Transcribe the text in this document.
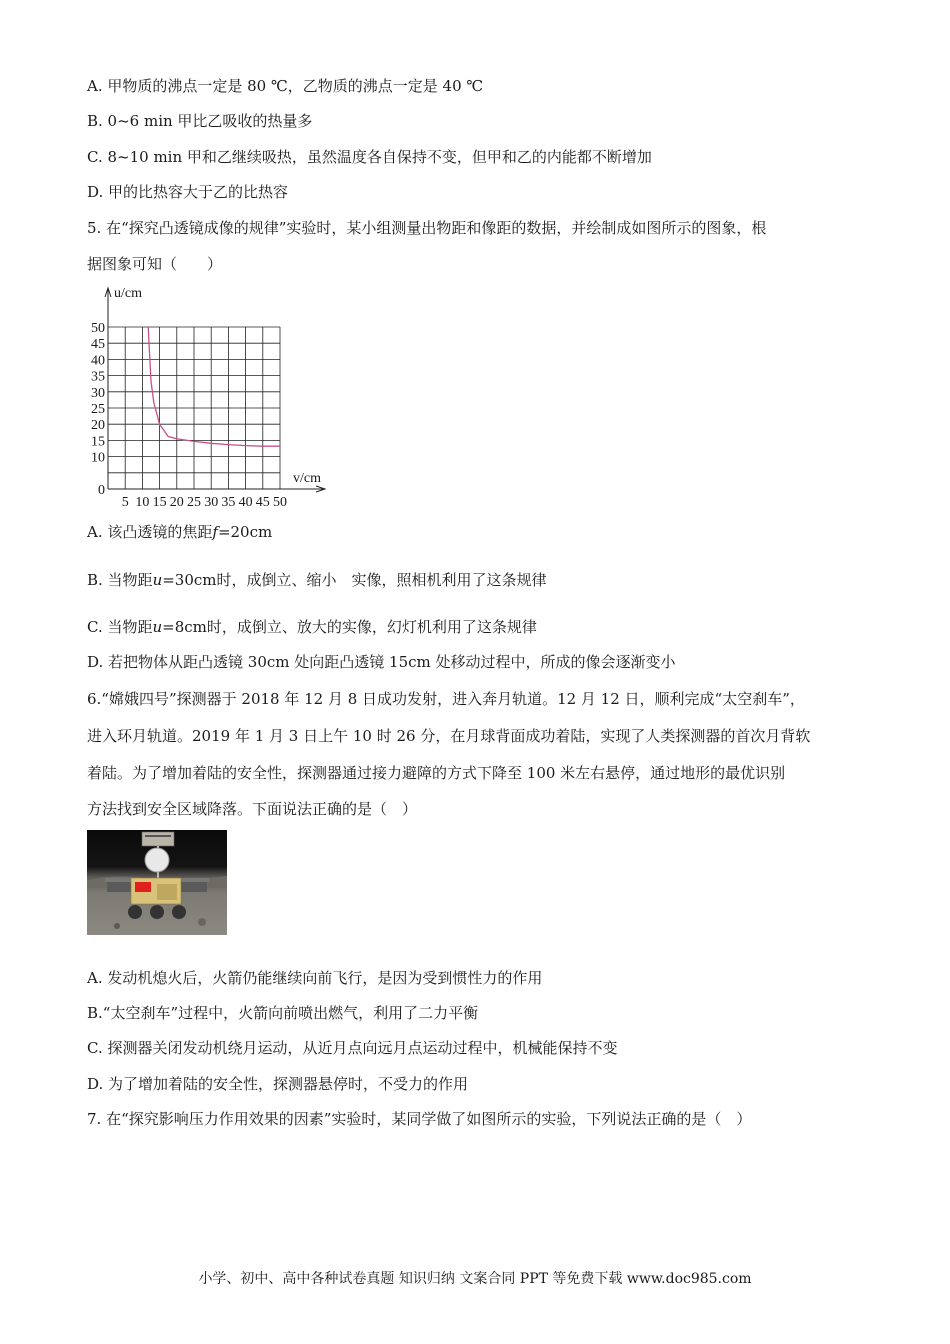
A. 甲物质的沸点一定是 80 ℃，乙物质的沸点一定是 40 ℃
B. 0~6 min 甲比乙吸收的热量多
C. 8~10 min 甲和乙继续吸热，虽然温度各自保持不变，但甲和乙的内能都不断增加
D. 甲的比热容大于乙的比热容
5. 在“探究凸透镜成像的规律”实验时，某小组测量出物距和像距的数据，并绘制成如图所示的图象，根
据图象可知（　　）
0
10
15
20
25
30
35
40
45
50
5 10 15 20 25 30 35 40 45 50
u/cm
v/cm
A. 该凸透镜的焦距f=20cm
B. 当物距u=30cm时，成倒立、缩小　实像，照相机利用了这条规律
C. 当物距u=8cm时，成倒立、放大的实像，幻灯机利用了这条规律
D. 若把物体从距凸透镜 30cm 处向距凸透镜 15cm 处移动过程中，所成的像会逐渐变小
6.“嫦娥四号”探测器于 2018 年 12 月 8 日成功发射，进入奔月轨道。12 月 12 日，顺利完成“太空刹车”，
进入环月轨道。2019 年 1 月 3 日上午 10 时 26 分，在月球背面成功着陆，实现了人类探测器的首次月背软
着陆。为了增加着陆的安全性，探测器通过接力避障的方式下降至 100 米左右悬停，通过地形的最优识别
方法找到安全区域降落。下面说法正确的是（　）
A. 发动机熄火后，火箭仍能继续向前飞行，是因为受到惯性力的作用
B.“太空刹车”过程中，火箭向前喷出燃气，利用了二力平衡
C. 探测器关闭发动机绕月运动，从近月点向远月点运动过程中，机械能保持不变
D. 为了增加着陆的安全性，探测器悬停时，不受力的作用
7. 在“探究影响压力作用效果的因素”实验时，某同学做了如图所示的实验，下列说法正确的是（　）
小学、初中、高中各种试卷真题 知识归纳 文案合同 PPT 等免费下载 www.doc985.com
